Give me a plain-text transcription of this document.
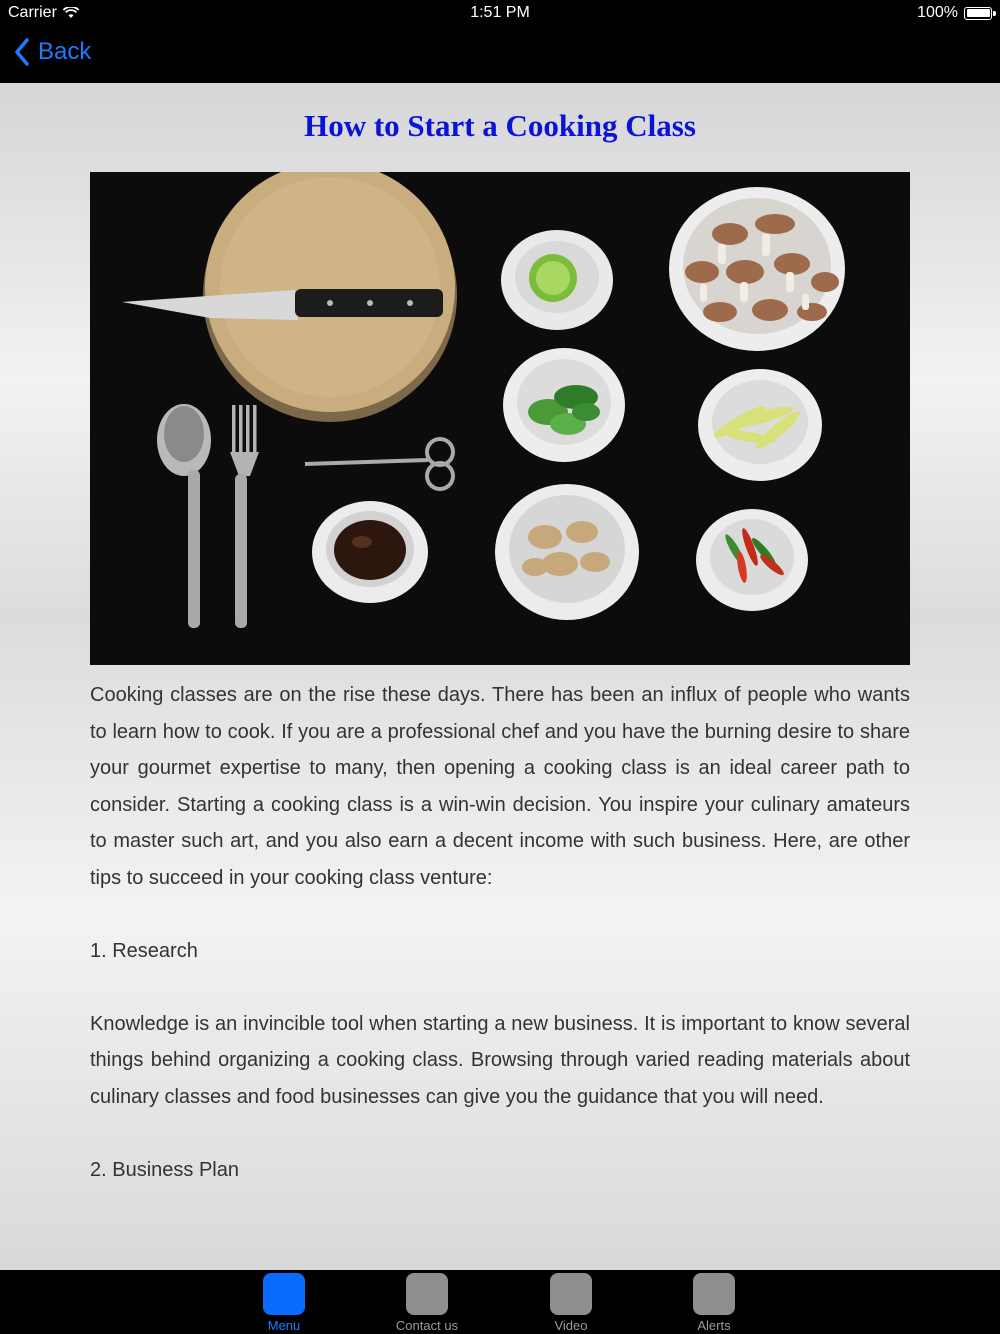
Carrier	1:51 PM	100%
Back
How to Start a Cooking Class

Cooking classes are on the rise these days. There has been an influx of people who wants to learn how to cook. If you are a professional chef and you have the burning desire to share your gourmet expertise to many, then opening a cooking class is an ideal career path to consider. Starting a cooking class is a win-win decision. You inspire your culinary amateurs to master such art, and you also earn a decent income with such business. Here, are other tips to succeed in your cooking class venture:

1. Research

Knowledge is an invincible tool when starting a new business. It is important to know several things behind organizing a cooking class. Browsing through varied reading materials about culinary classes and food businesses can give you the guidance that you will need.

2. Business Plan

Menu	Contact us	Video	Alerts
